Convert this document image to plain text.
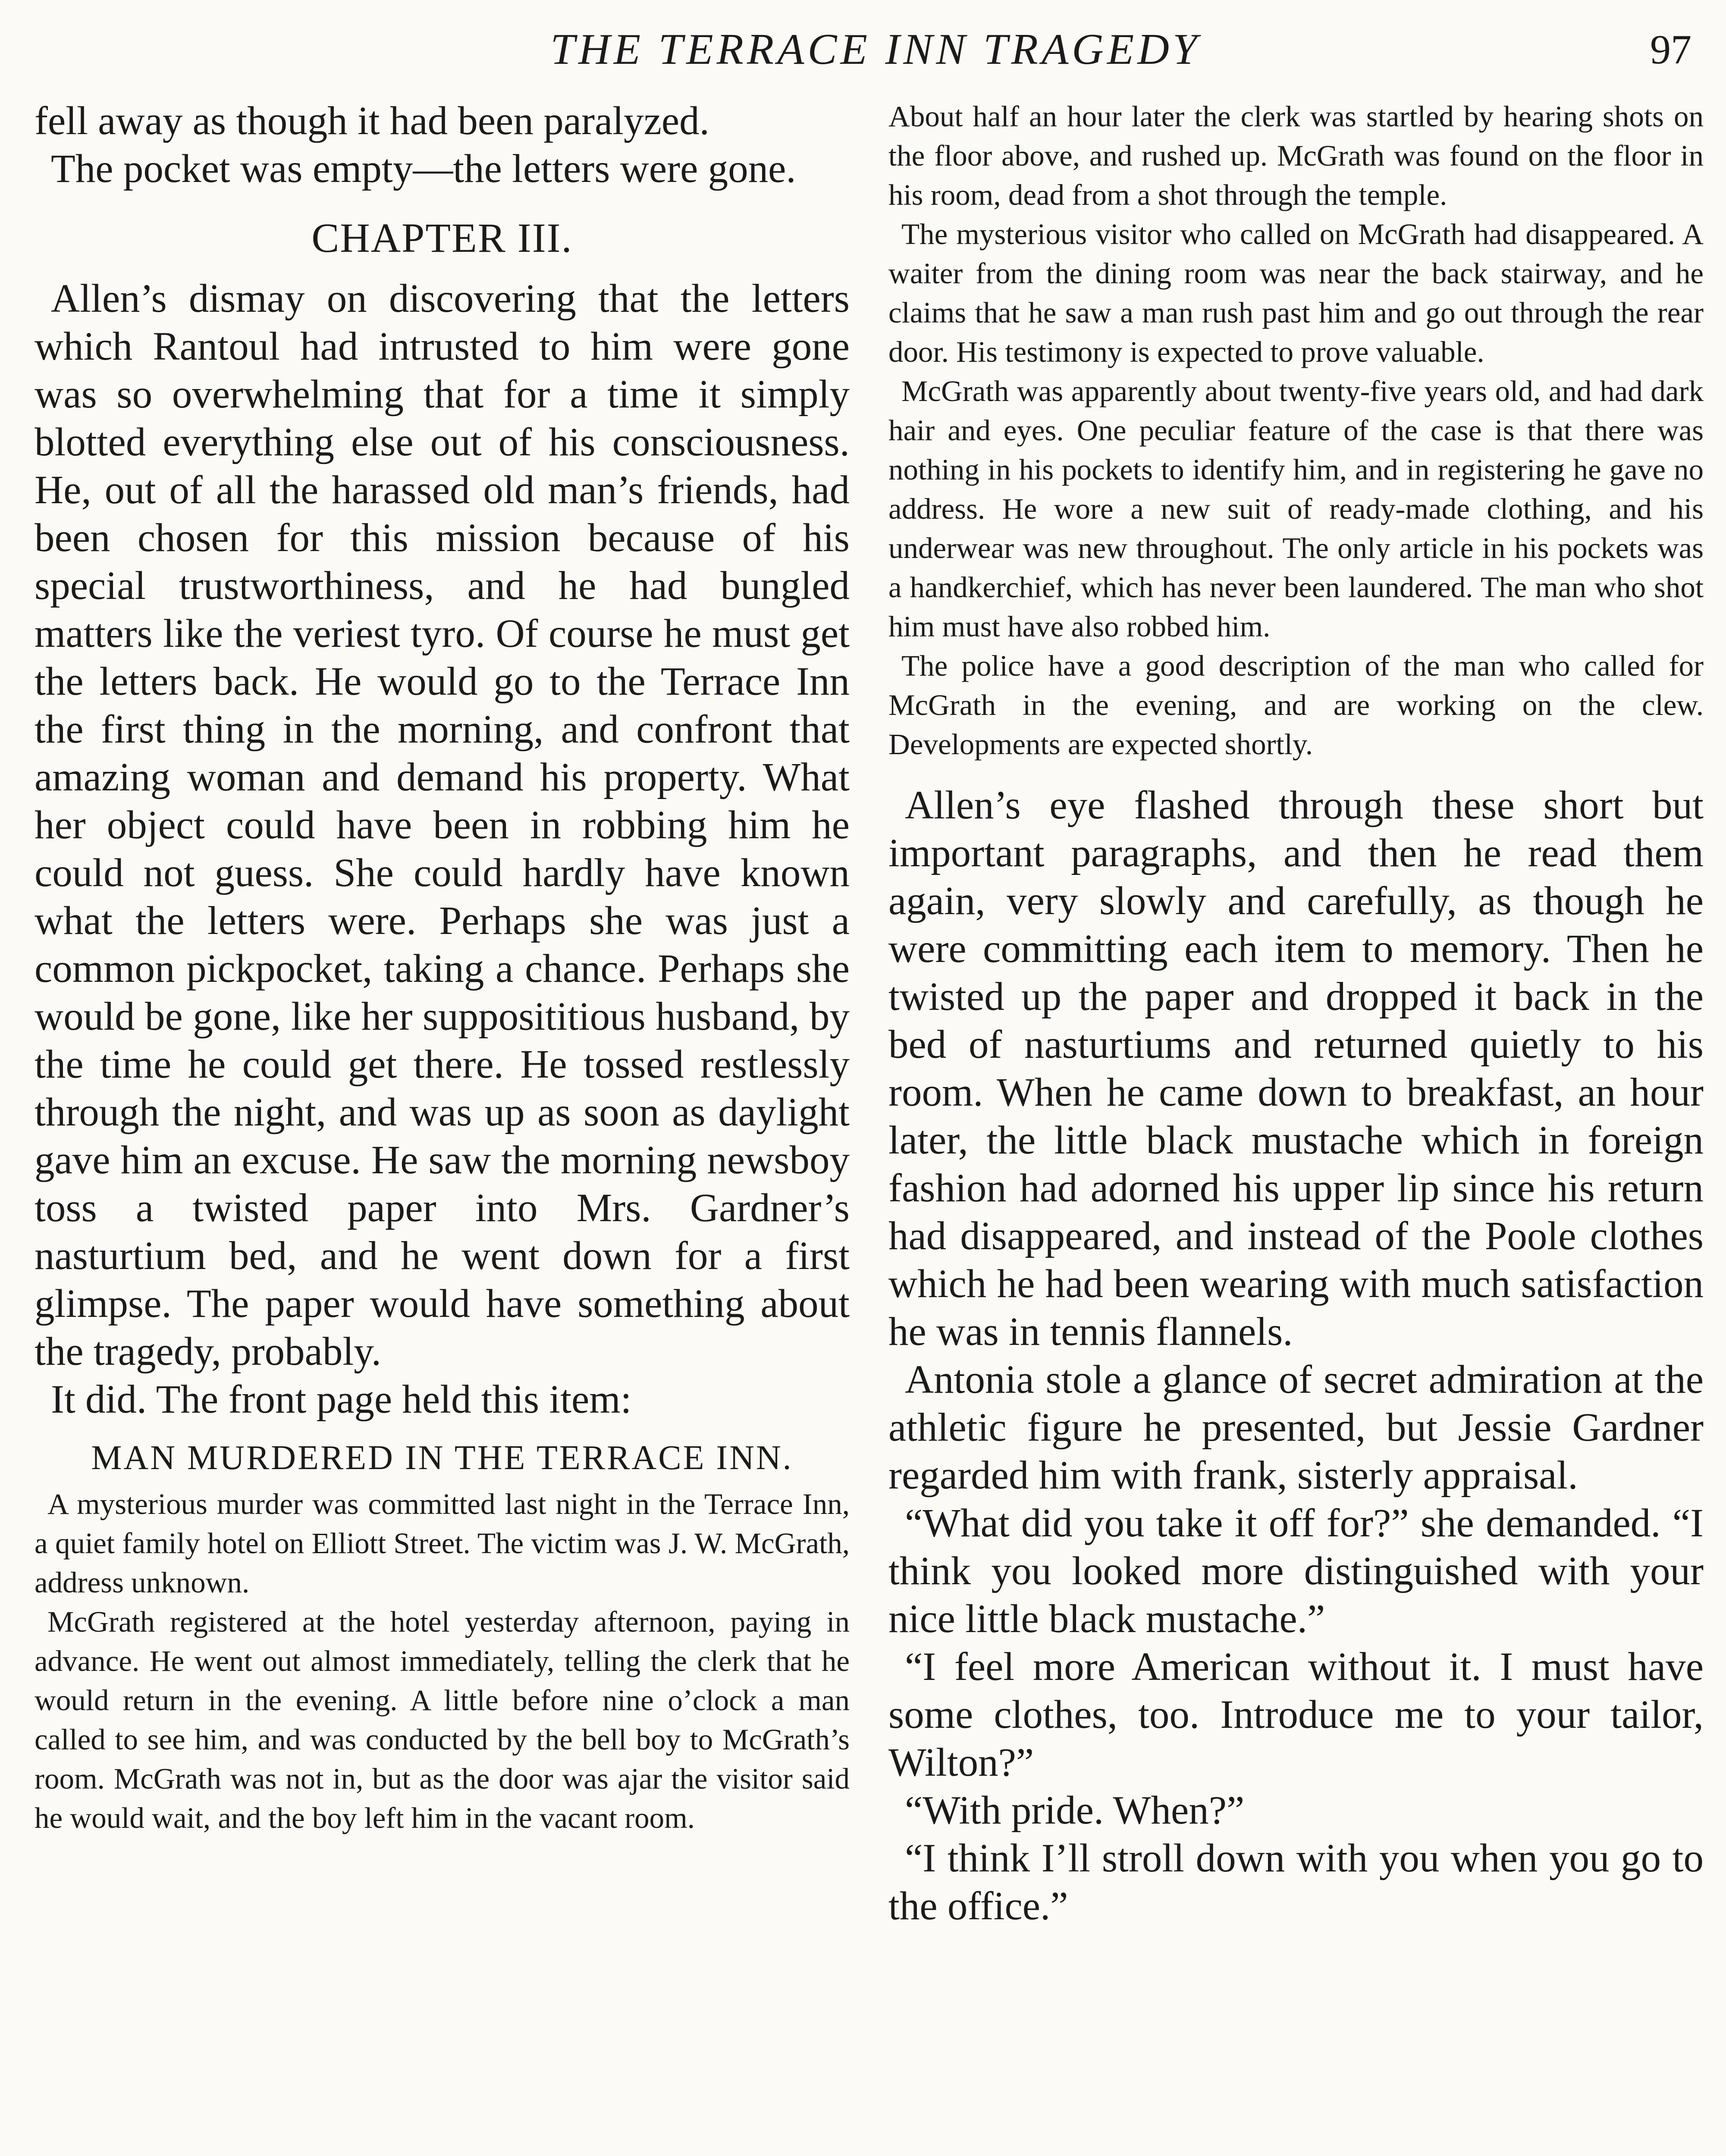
THE TERRACE INN TRAGEDY	97

fell away as though it had been paralyzed.

The pocket was empty—the letters were gone.

CHAPTER III.

Allen’s dismay on discovering that the letters which Rantoul had intrusted to him were gone was so overwhelming that for a time it simply blotted everything else out of his consciousness. He, out of all the harassed old man’s friends, had been chosen for this mission because of his special trustworthiness, and he had bungled matters like the veriest tyro. Of course he must get the letters back. He would go to the Terrace Inn the first thing in the morning, and confront that amazing woman and demand his property. What her object could have been in robbing him he could not guess. She could hardly have known what the letters were. Perhaps she was just a common pickpocket, taking a chance. Perhaps she would be gone, like her supposititious husband, by the time he could get there. He tossed restlessly through the night, and was up as soon as daylight gave him an excuse. He saw the morning newsboy toss a twisted paper into Mrs. Gardner’s nasturtium bed, and he went down for a first glimpse. The paper would have something about the tragedy, probably.

It did. The front page held this item:

MAN MURDERED IN THE TERRACE INN.

A mysterious murder was committed last night in the Terrace Inn, a quiet family hotel on Elliott Street. The victim was J. W. McGrath, address unknown.

McGrath registered at the hotel yesterday afternoon, paying in advance. He went out almost immediately, telling the clerk that he would return in the evening. A little before nine o’clock a man called to see him, and was conducted by the bell boy to McGrath’s room. McGrath was not in, but as the door was ajar the visitor said he would wait, and the boy left him in the vacant room.

About half an hour later the clerk was startled by hearing shots on the floor above, and rushed up. McGrath was found on the floor in his room, dead from a shot through the temple.

The mysterious visitor who called on McGrath had disappeared. A waiter from the dining room was near the back stairway, and he claims that he saw a man rush past him and go out through the rear door. His testimony is expected to prove valuable.

McGrath was apparently about twenty-five years old, and had dark hair and eyes. One peculiar feature of the case is that there was nothing in his pockets to identify him, and in registering he gave no address. He wore a new suit of ready-made clothing, and his underwear was new throughout. The only article in his pockets was a handkerchief, which has never been laundered. The man who shot him must have also robbed him.

The police have a good description of the man who called for McGrath in the evening, and are working on the clew. Developments are expected shortly.

Allen’s eye flashed through these short but important paragraphs, and then he read them again, very slowly and carefully, as though he were committing each item to memory. Then he twisted up the paper and dropped it back in the bed of nasturtiums and returned quietly to his room. When he came down to breakfast, an hour later, the little black mustache which in foreign fashion had adorned his upper lip since his return had disappeared, and instead of the Poole clothes which he had been wearing with much satisfaction he was in tennis flannels.

Antonia stole a glance of secret admiration at the athletic figure he presented, but Jessie Gardner regarded him with frank, sisterly appraisal.

“What did you take it off for?” she demanded. “I think you looked more distinguished with your nice little black mustache.”

“I feel more American without it. I must have some clothes, too. Introduce me to your tailor, Wilton?”

“With pride. When?”

“I think I’ll stroll down with you when you go to the office.”
